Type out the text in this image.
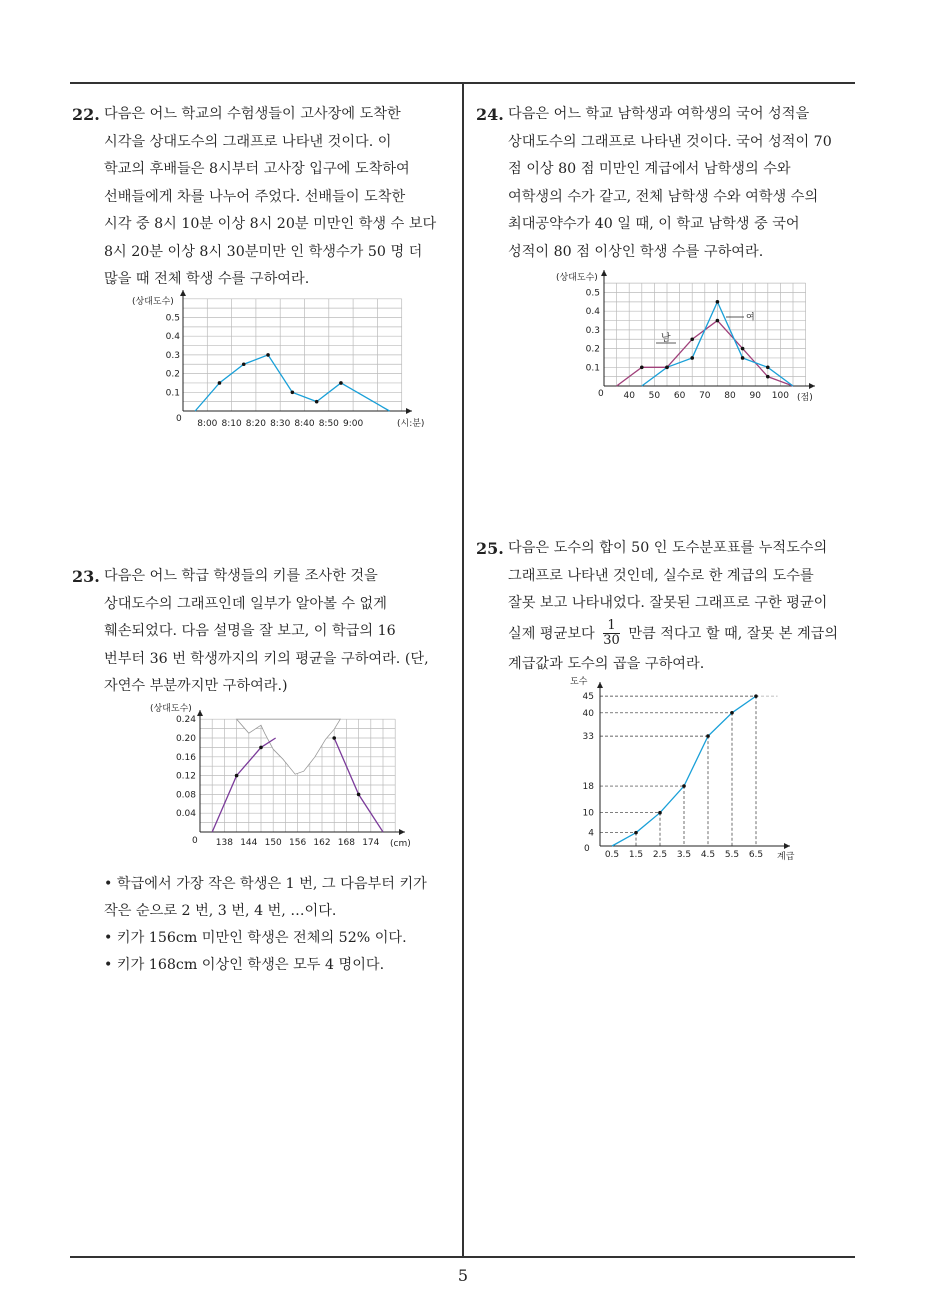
5
22. 다음은 어느 학교의 수험생들이 고사장에 도착한
시각을 상대도수의 그래프로 나타낸 것이다. 이
학교의 후배들은 8시부터 고사장 입구에 도착하여
선배들에게 차를 나누어 주었다. 선배들이 도착한
시각 중 8시 10분 이상 8시 20분 미만인 학생 수 보다
8시 20분 이상 8시 30분미만 인 학생수가 50 명 더
많을 때 전체 학생 수를 구하여라.
(상대도수)
0	(시:분)
0.5
0.4
0.3
0.2
0.1
8:00 8:10 8:20 8:30 8:40 8:50 9:00
23. 다음은 어느 학급 학생들의 키를 조사한 것을
상대도수의 그래프인데 일부가 알아볼 수 없게
훼손되었다. 다음 설명을 잘 보고, 이 학급의 16
번부터 36 번 학생까지의 키의 평균을 구하여라. (단,
자연수 부분까지만 구하여라.)
(상대도수)
0	(cm)
0.24
0.20
0.16
0.12
0.08
0.04
138 144 150 156 162 168 174
• 학급에서 가장 작은 학생은 1 번, 그 다음부터 키가
작은 순으로 2 번, 3 번, 4 번, …이다.
• 키가 156cm 미만인 학생은 전체의 52% 이다.
• 키가 168cm 이상인 학생은 모두 4 명이다.
24. 다음은 어느 학교 남학생과 여학생의 국어 성적을
상대도수의 그래프로 나타낸 것이다. 국어 성적이 70
점 이상 80 점 미만인 계급에서 남학생의 수와
여학생의 수가 같고, 전체 남학생 수와 여학생 수의
최대공약수가 40 일 때, 이 학교 남학생 중 국어
성적이 80 점 이상인 학생 수를 구하여라.
(상대도수)
0	(점)
남
여
0.5
0.4
0.3
0.2
0.1
40 50 60 70 80 90 100
25. 다음은 도수의 합이 50 인 도수분포표를 누적도수의
그래프로 나타낸 것인데, 실수로 한 계급의 도수를
잘못 보고 나타내었다. 잘못된 그래프로 구한 평균이
실제 평균보다 $\frac{1}{30}$ 만큼 적다고 할 때, 잘못 본 계급의
계급값과 도수의 곱을 구하여라.
도수
0
계급
45
40
33
18
10
4
0.5 1.5 2.5 3.5 4.5 5.5 6.5
